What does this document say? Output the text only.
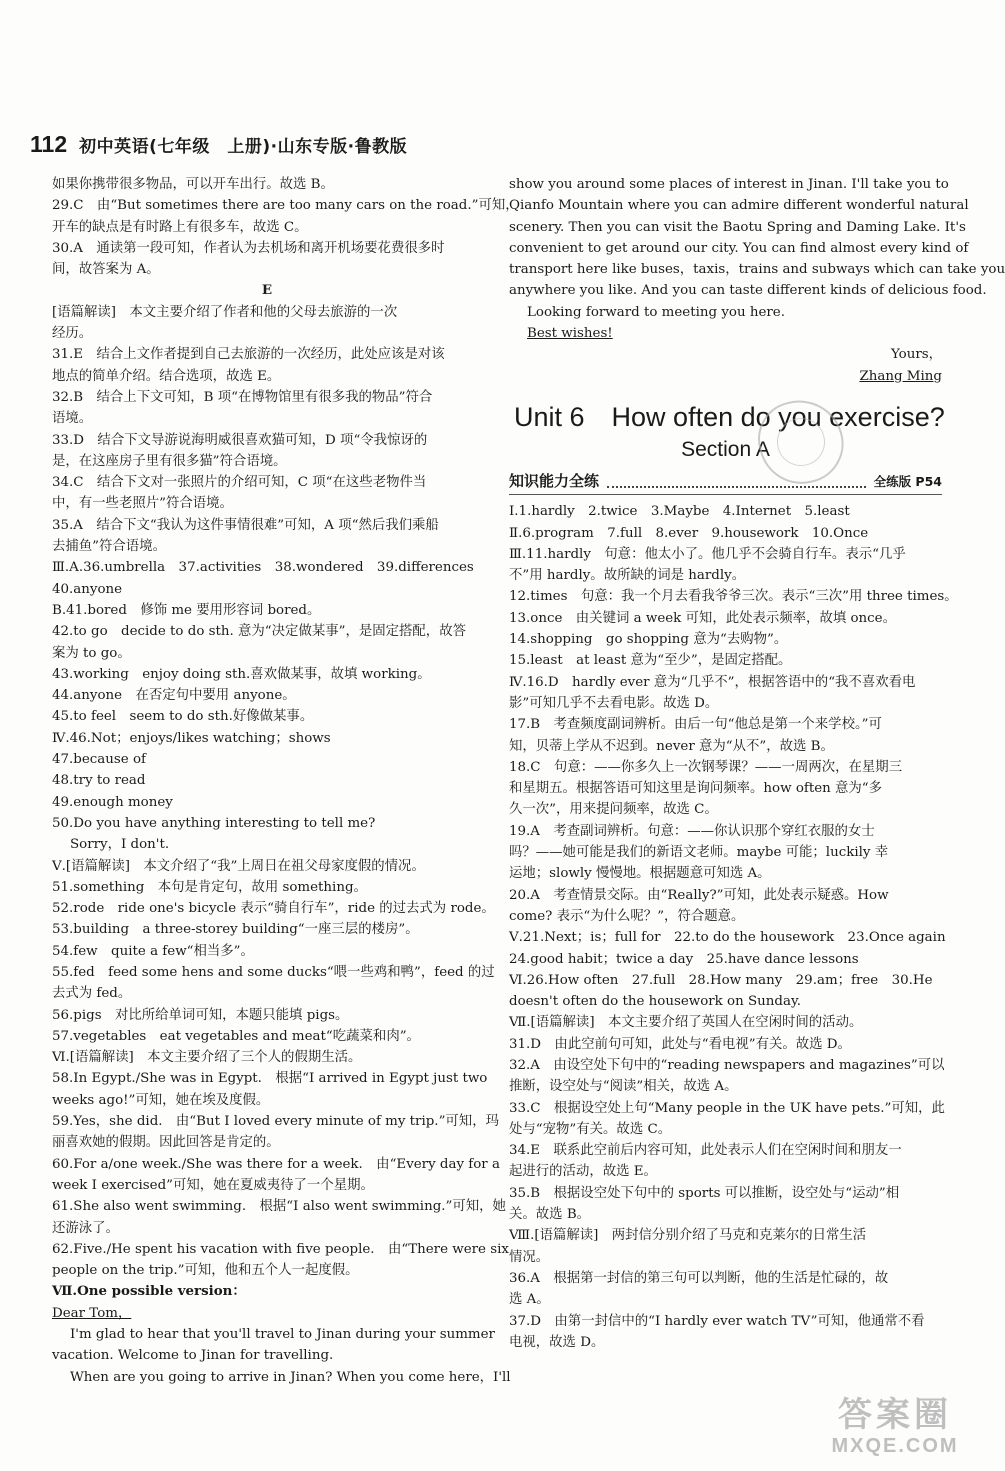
112 初中英语(七年级　上册)·山东专版·鲁教版
如果你携带很多物品，可以开车出行。故选 B。
29.C　由“But sometimes there are too many cars on the road.”可知，
开车的缺点是有时路上有很多车，故选 C。
30.A　通读第一段可知，作者认为去机场和离开机场要花费很多时
间，故答案为 A。
E
[语篇解读]　本文主要介绍了作者和他的父母去旅游的一次
经历。
31.E　结合上文作者提到自己去旅游的一次经历，此处应该是对该
地点的简单介绍。结合选项，故选 E。
32.B　结合上下文可知，B 项“在博物馆里有很多我的物品”符合
语境。
33.D　结合下文导游说海明威很喜欢猫可知，D 项“令我惊讶的
是，在这座房子里有很多猫”符合语境。
34.C　结合下文对一张照片的介绍可知，C 项“在这些老物件当
中，有一些老照片”符合语境。
35.A　结合下文“我认为这件事情很难”可知，A 项“然后我们乘船
去捕鱼”符合语境。
Ⅲ.A.36.umbrella　37.activities　38.wondered　39.differences
40.anyone
B.41.bored　修饰 me 要用形容词 bored。
42.to go　decide to do sth. 意为“决定做某事”，是固定搭配，故答
案为 to go。
43.working　enjoy doing sth.喜欢做某事，故填 working。
44.anyone　在否定句中要用 anyone。
45.to feel　seem to do sth.好像做某事。
Ⅳ.46.Not；enjoys/likes watching；shows
47.because of
48.try to read
49.enough money
50.Do you have anything interesting to tell me?
Sorry，I don't.
Ⅴ.[语篇解读]　本文介绍了“我”上周日在祖父母家度假的情况。
51.something　本句是肯定句，故用 something。
52.rode　ride one's bicycle 表示“骑自行车”，ride 的过去式为 rode。
53.building　a three-storey building“一座三层的楼房”。
54.few　quite a few“相当多”。
55.fed　feed some hens and some ducks“喂一些鸡和鸭”，feed 的过
去式为 fed。
56.pigs　对比所给单词可知，本题只能填 pigs。
57.vegetables　eat vegetables and meat“吃蔬菜和肉”。
Ⅵ.[语篇解读]　本文主要介绍了三个人的假期生活。
58.In Egypt./She was in Egypt.　根据“I arrived in Egypt just two
weeks ago!”可知，她在埃及度假。
59.Yes，she did.　由“But I loved every minute of my trip.”可知，玛
丽喜欢她的假期。因此回答是肯定的。
60.For a/one week./She was there for a week.　由“Every day for a
week I exercised”可知，她在夏威夷待了一个星期。
61.She also went swimming.　根据“I also went swimming.”可知，她
还游泳了。
62.Five./He spent his vacation with five people.　由“There were six
people on the trip.”可知，他和五个人一起度假。
Ⅶ.One possible version：
Dear Tom，
I'm glad to hear that you'll travel to Jinan during your summer
vacation. Welcome to Jinan for travelling.
When are you going to arrive in Jinan? When you come here，I'll
show you around some places of interest in Jinan. I'll take you to
Qianfo Mountain where you can admire different wonderful natural
scenery. Then you can visit the Baotu Spring and Daming Lake. It's
convenient to get around our city. You can find almost every kind of
transport here like buses，taxis，trains and subways which can take you
anywhere you like. And you can taste different kinds of delicious food.
Looking forward to meeting you here.
Best wishes!
Yours，
Zhang Ming
Unit 6　How often do you exercise?
Section A
知识能力全练	全练版 P54
Ⅰ.1.hardly　2.twice　3.Maybe　4.Internet　5.least
Ⅱ.6.program　7.full　8.ever　9.housework　10.Once
Ⅲ.11.hardly　句意：他太小了。他几乎不会骑自行车。表示“几乎
不”用 hardly。故所缺的词是 hardly。
12.times　句意：我一个月去看我爷爷三次。表示“三次”用 three times。
13.once　由关键词 a week 可知，此处表示频率，故填 once。
14.shopping　go shopping 意为“去购物”。
15.least　at least 意为“至少”，是固定搭配。
Ⅳ.16.D　hardly ever 意为“几乎不”，根据答语中的“我不喜欢看电
影”可知几乎不去看电影。故选 D。
17.B　考查频度副词辨析。由后一句“他总是第一个来学校。”可
知，贝蒂上学从不迟到。never 意为“从不”，故选 B。
18.C　句意：——你多久上一次钢琴课？——一周两次，在星期三
和星期五。根据答语可知这里是询问频率。how often 意为“多
久一次”，用来提问频率，故选 C。
19.A　考查副词辨析。句意：——你认识那个穿红衣服的女士
吗？——她可能是我们的新语文老师。maybe 可能；luckily 幸
运地；slowly 慢慢地。根据题意可知选 A。
20.A　考查情景交际。由“Really?”可知，此处表示疑惑。How
come? 表示“为什么呢？”，符合题意。
Ⅴ.21.Next；is；full for　22.to do the housework　23.Once again
24.good habit；twice a day　25.have dance lessons
Ⅵ.26.How often　27.full　28.How many　29.am；free　30.He
doesn't often do the housework on Sunday.
Ⅶ.[语篇解读]　本文主要介绍了英国人在空闲时间的活动。
31.D　由此空前句可知，此处与“看电视”有关。故选 D。
32.A　由设空处下句中的“reading newspapers and magazines”可以
推断，设空处与“阅读”相关，故选 A。
33.C　根据设空处上句“Many people in the UK have pets.”可知，此
处与“宠物”有关。故选 C。
34.E　联系此空前后内容可知，此处表示人们在空闲时间和朋友一
起进行的活动，故选 E。
35.B　根据设空处下句中的 sports 可以推断，设空处与“运动”相
关。故选 B。
Ⅷ.[语篇解读]　两封信分别介绍了马克和克莱尔的日常生活
情况。
36.A　根据第一封信的第三句可以判断，他的生活是忙碌的，故
选 A。
37.D　由第一封信中的“I hardly ever watch TV”可知，他通常不看
电视，故选 D。
答案圈
MXQE.COM
